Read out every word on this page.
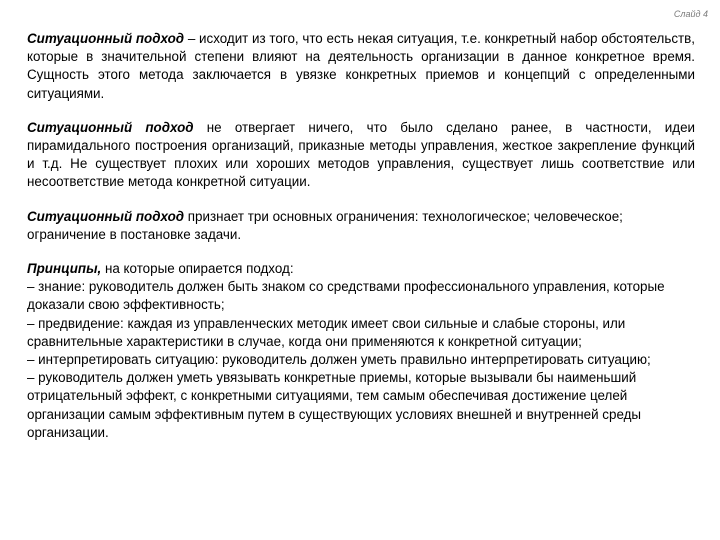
Слайд 4

Ситуационный подход – исходит из того, что есть некая ситуация, т.е. конкретный набор обстоятельств, которые в значительной степени влияют на деятельность организации в данное конкретное время. Сущность этого метода заключается в увязке конкретных приемов и концепций с определенными ситуациями.

Ситуационный подход не отвергает ничего, что было сделано ранее, в частности, идеи пирамидального построения организаций, приказные методы управления, жесткое закрепление функций и т.д. Не существует плохих или хороших методов управления, существует лишь соответствие или несоответствие метода конкретной ситуации.

Ситуационный подход признает три основных ограничения: технологическое; человеческое; ограничение в постановке задачи.

Принципы, на которые опирается подход:
– знание: руководитель должен быть знаком со средствами профессионального управления, которые доказали свою эффективность;
– предвидение: каждая из управленческих методик имеет свои сильные и слабые стороны, или сравнительные характеристики в случае, когда они применяются к конкретной ситуации;
– интерпретировать ситуацию: руководитель должен уметь правильно интерпретировать ситуацию;
– руководитель должен уметь увязывать конкретные приемы, которые вызывали бы наименьший отрицательный эффект, с конкретными ситуациями, тем самым обеспечивая достижение целей организации самым эффективным путем в существующих условиях внешней и внутренней среды организации.
